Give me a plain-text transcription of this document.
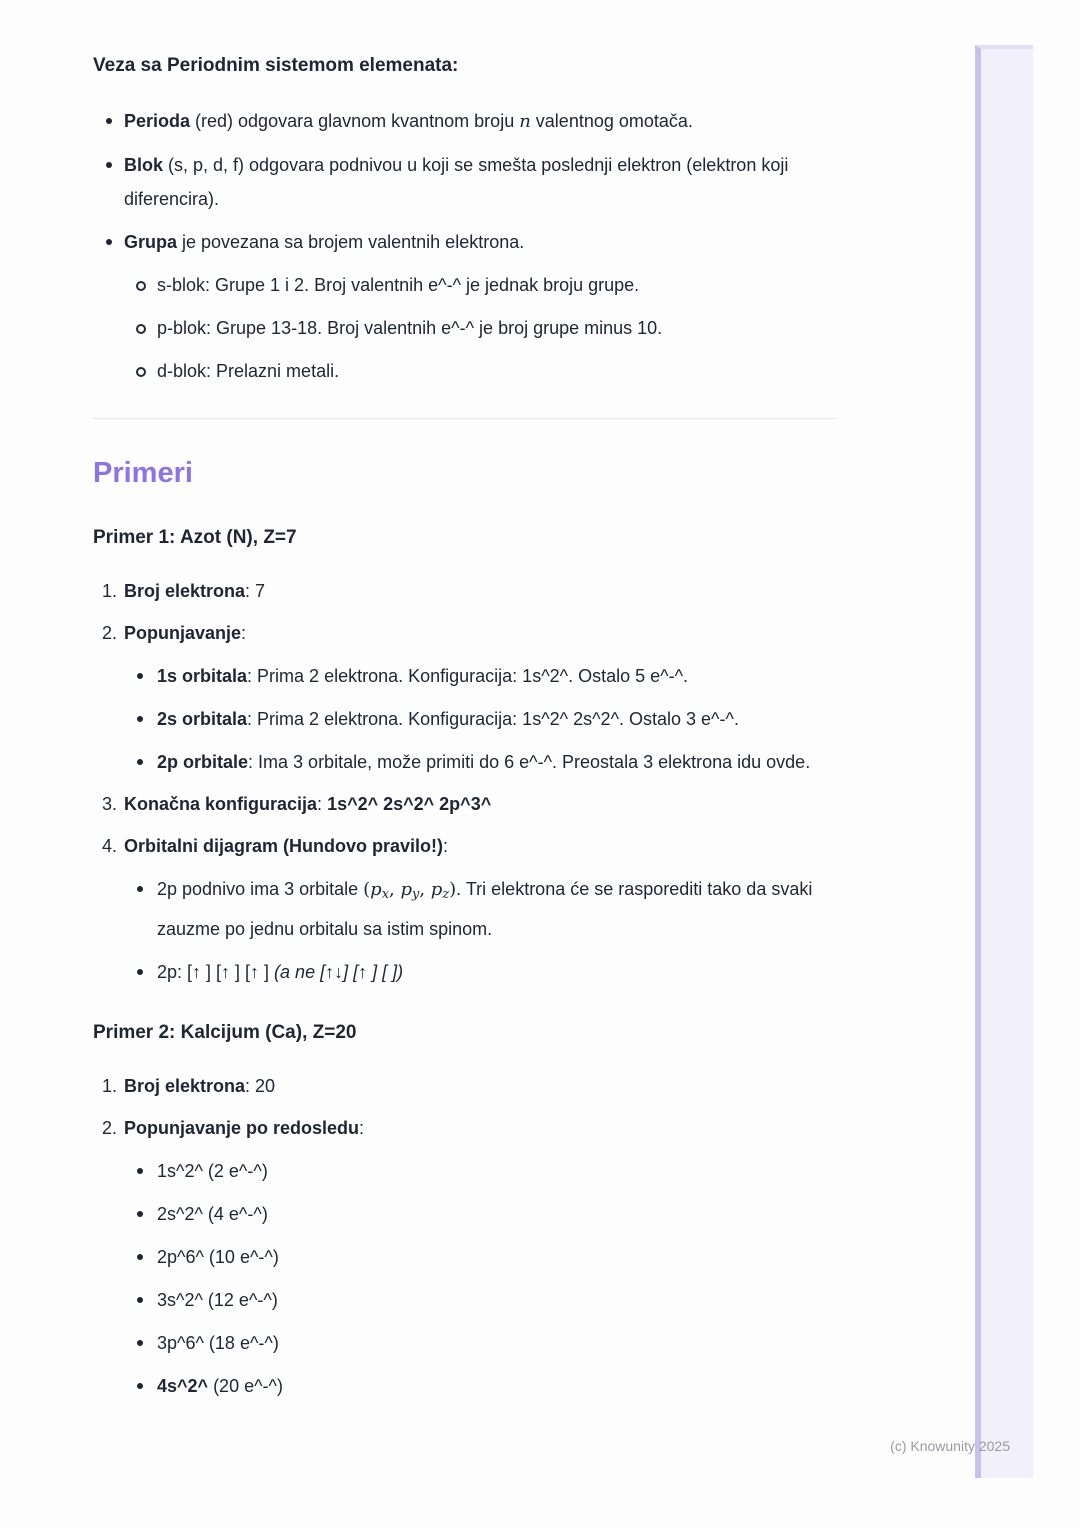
Veza sa Periodnim sistemom elemenata:
Perioda (red) odgovara glavnom kvantnom broju n valentnog omotača.
Blok (s, p, d, f) odgovara podnivou u koji se smešta poslednji elektron (elektron koji diferencira).
Grupa je povezana sa brojem valentnih elektrona.
s-blok: Grupe 1 i 2. Broj valentnih e^-^ je jednak broju grupe.
p-blok: Grupe 13-18. Broj valentnih e^-^ je broj grupe minus 10.
d-blok: Prelazni metali.
Primeri
Primer 1: Azot (N), Z=7
Broj elektrona: 7
Popunjavanje:
1s orbitala: Prima 2 elektrona. Konfiguracija: 1s^2^. Ostalo 5 e^-^.
2s orbitala: Prima 2 elektrona. Konfiguracija: 1s^2^ 2s^2^. Ostalo 3 e^-^.
2p orbitale: Ima 3 orbitale, može primiti do 6 e^-^. Preostala 3 elektrona idu ovde.
Konačna konfiguracija: 1s^2^ 2s^2^ 2p^3^
Orbitalni dijagram (Hundovo pravilo!):
2p podnivo ima 3 orbitale ($p_x$, $p_y$, $p_z$). Tri elektrona će se rasporediti tako da svaki zauzme po jednu orbitalu sa istim spinom.
2p: [↑ ] [↑ ] [↑ ] (a ne [↑↓] [↑ ] [ ])
Primer 2: Kalcijum (Ca), Z=20
Broj elektrona: 20
Popunjavanje po redosledu:
1s^2^ (2 e^-^)
2s^2^ (4 e^-^)
2p^6^ (10 e^-^)
3s^2^ (12 e^-^)
3p^6^ (18 e^-^)
4s^2^ (20 e^-^)
(c) Knowunity 2025
